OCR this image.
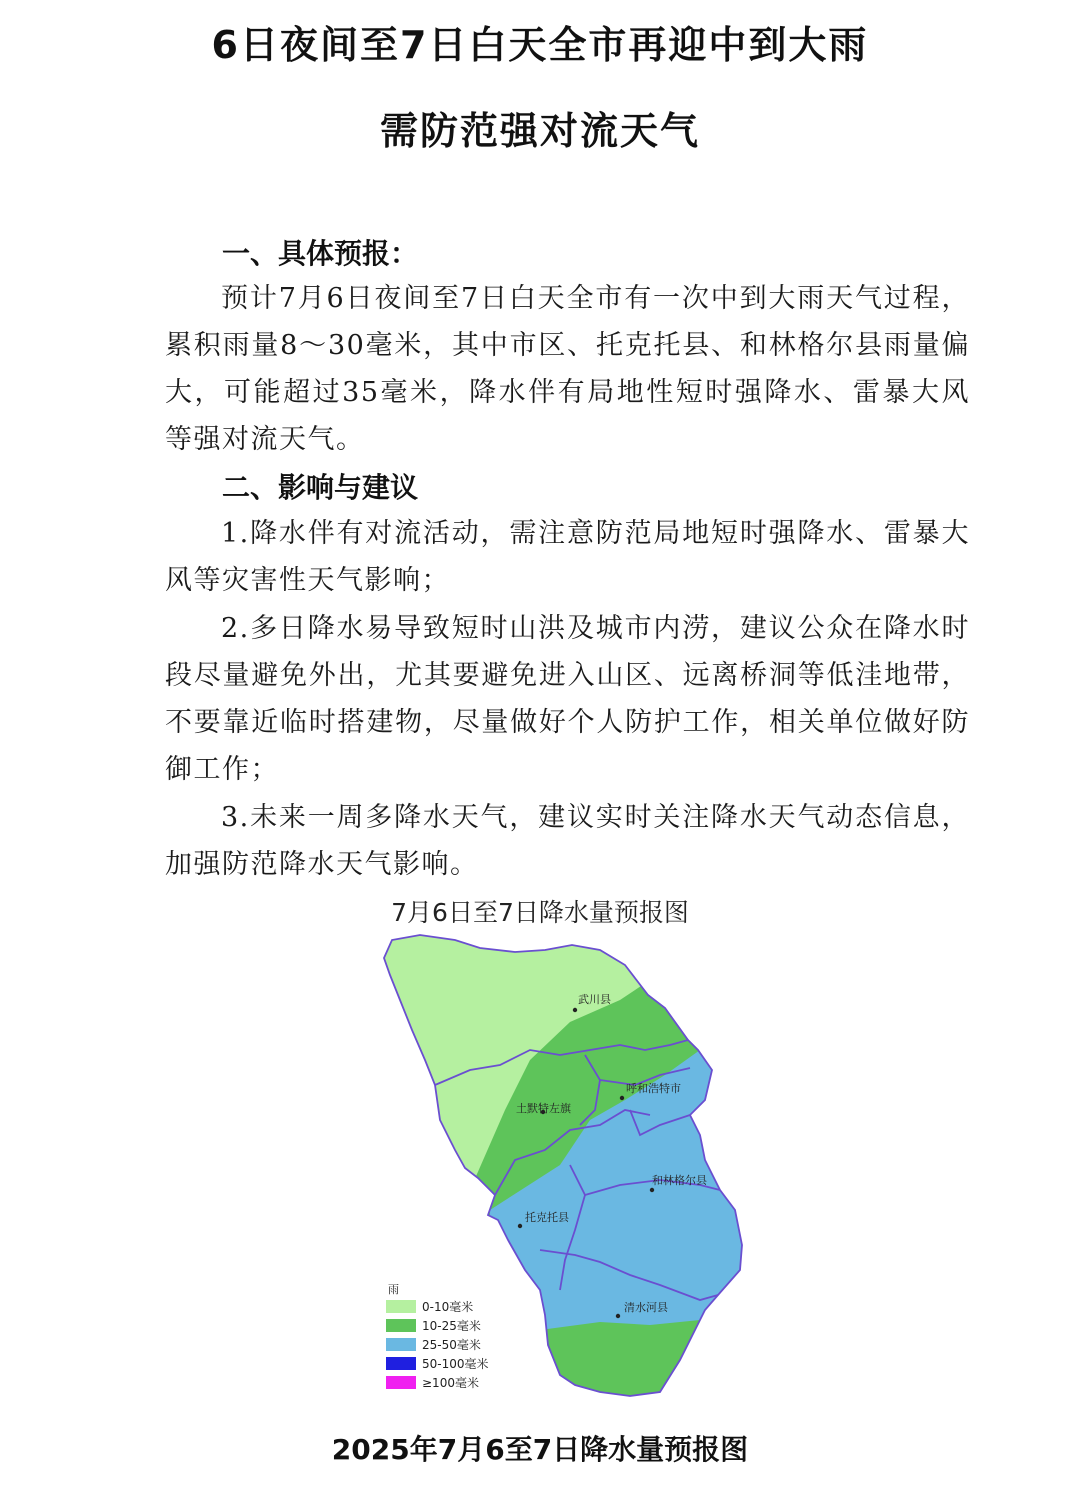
6日夜间至7日白天全市再迎中到大雨
需防范强对流天气
一、具体预报：

预计7月6日夜间至7日白天全市有一次中到大雨天气过程，累积雨量8～30毫米，其中市区、托克托县、和林格尔县雨量偏大，可能超过35毫米，降水伴有局地性短时强降水、雷暴大风等强对流天气。

二、影响与建议

1.降水伴有对流活动，需注意防范局地短时强降水、雷暴大风等灾害性天气影响；

2.多日降水易导致短时山洪及城市内涝，建议公众在降水时段尽量避免外出，尤其要避免进入山区、远离桥洞等低洼地带，不要靠近临时搭建物，尽量做好个人防护工作，相关单位做好防御工作；

3.未来一周多降水天气，建议实时关注降水天气动态信息，加强防范降水天气影响。

7月6日至7日降水量预报图
武川县
呼和浩特市
土默特左旗
和林格尔县
托克托县
清水河县
雨
0-10毫米
10-25毫米
25-50毫米
50-100毫米
≥100毫米
2025年7月6至7日降水量预报图
